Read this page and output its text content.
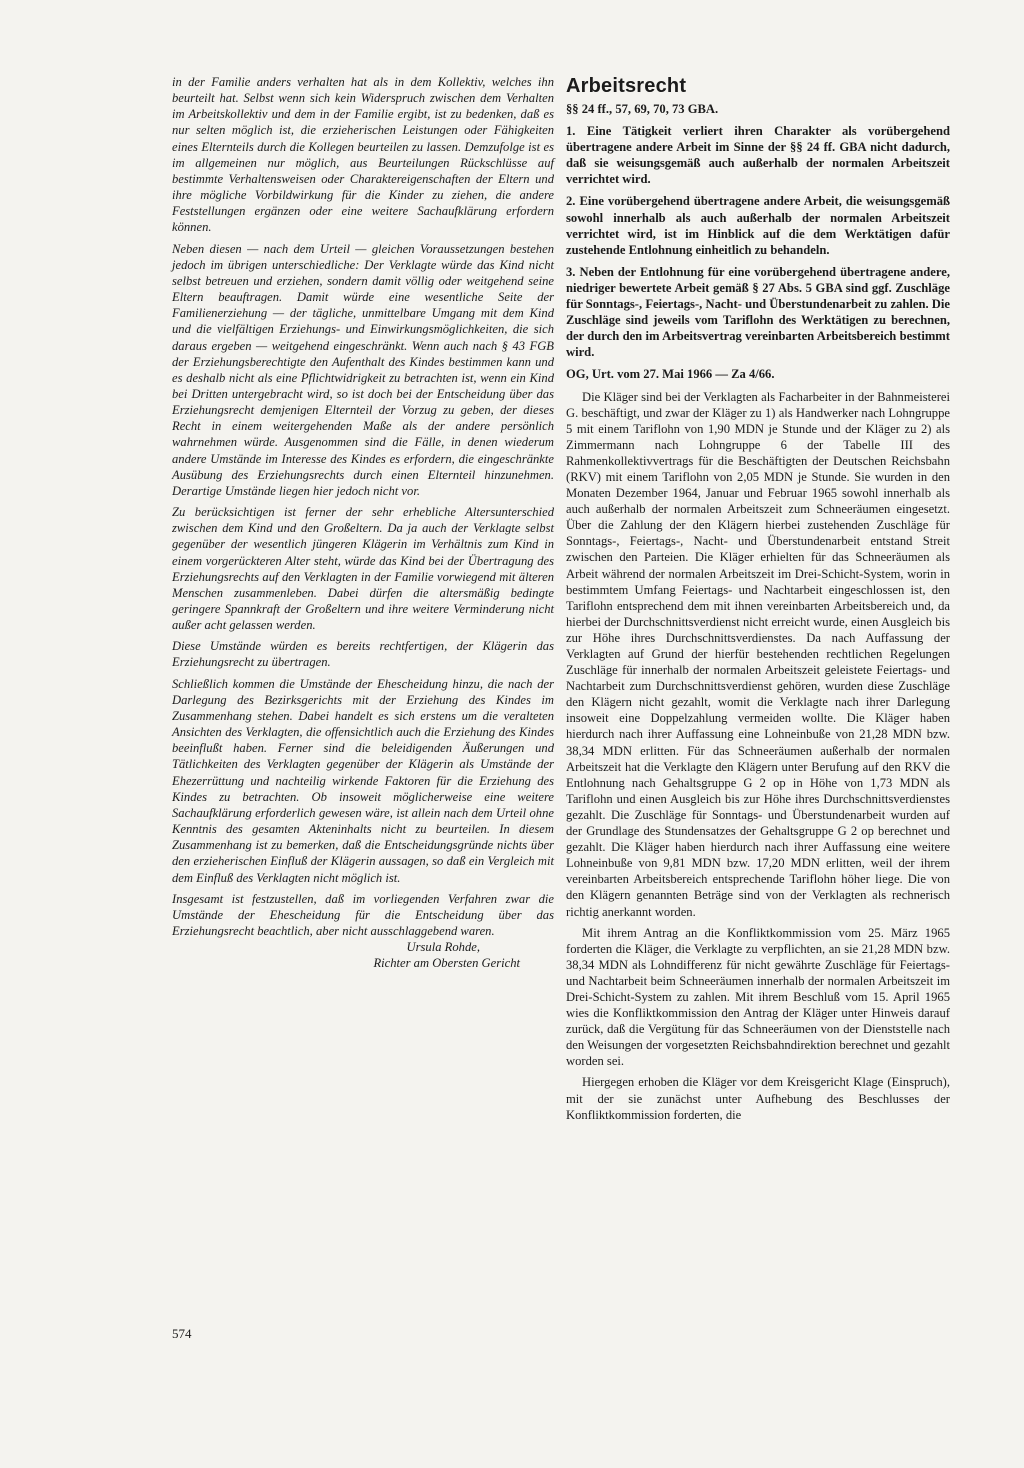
in der Familie anders verhalten hat als in dem Kollektiv, welches ihn beurteilt hat. Selbst wenn sich kein Widerspruch zwischen dem Verhalten im Arbeitskollektiv und dem in der Familie ergibt, ist zu bedenken, daß es nur selten möglich ist, die erzieherischen Leistungen oder Fähigkeiten eines Elternteils durch die Kollegen beurteilen zu lassen. Demzufolge ist es im allgemeinen nur möglich, aus Beurteilungen Rückschlüsse auf bestimmte Verhaltensweisen oder Charaktereigenschaften der Eltern und ihre mögliche Vorbildwirkung für die Kinder zu ziehen, die andere Feststellungen ergänzen oder eine weitere Sachaufklärung erfordern können.

Neben diesen — nach dem Urteil — gleichen Voraussetzungen bestehen jedoch im übrigen unterschiedliche: Der Verklagte würde das Kind nicht selbst betreuen und erziehen, sondern damit völlig oder weitgehend seine Eltern beauftragen. Damit würde eine wesentliche Seite der Familienerziehung — der tägliche, unmittelbare Umgang mit dem Kind und die vielfältigen Erziehungs- und Einwirkungsmöglichkeiten, die sich daraus ergeben — weitgehend eingeschränkt. Wenn auch nach § 43 FGB der Erziehungsberechtigte den Aufenthalt des Kindes bestimmen kann und es deshalb nicht als eine Pflichtwidrigkeit zu betrachten ist, wenn ein Kind bei Dritten untergebracht wird, so ist doch bei der Entscheidung über das Erziehungsrecht demjenigen Elternteil der Vorzug zu geben, der dieses Recht in einem weitergehenden Maße als der andere persönlich wahrnehmen würde. Ausgenommen sind die Fälle, in denen wiederum andere Umstände im Interesse des Kindes es erfordern, die eingeschränkte Ausübung des Erziehungsrechts durch einen Elternteil hinzunehmen. Derartige Umstände liegen hier jedoch nicht vor.

Zu berücksichtigen ist ferner der sehr erhebliche Altersunterschied zwischen dem Kind und den Großeltern. Da ja auch der Verklagte selbst gegenüber der wesentlich jüngeren Klägerin im Verhältnis zum Kind in einem vorgerückteren Alter steht, würde das Kind bei der Übertragung des Erziehungsrechts auf den Verklagten in der Familie vorwiegend mit älteren Menschen zusammenleben. Dabei dürfen die altersmäßig bedingte geringere Spannkraft der Großeltern und ihre weitere Verminderung nicht außer acht gelassen werden.

Diese Umstände würden es bereits rechtfertigen, der Klägerin das Erziehungsrecht zu übertragen.

Schließlich kommen die Umstände der Ehescheidung hinzu, die nach der Darlegung des Bezirksgerichts mit der Erziehung des Kindes im Zusammenhang stehen. Dabei handelt es sich erstens um die veralteten Ansichten des Verklagten, die offensichtlich auch die Erziehung des Kindes beeinflußt haben. Ferner sind die beleidigenden Äußerungen und Tätlichkeiten des Verklagten gegenüber der Klägerin als Umstände der Ehezerrüttung und nachteilig wirkende Faktoren für die Erziehung des Kindes zu betrachten. Ob insoweit möglicherweise eine weitere Sachaufklärung erforderlich gewesen wäre, ist allein nach dem Urteil ohne Kenntnis des gesamten Akteninhalts nicht zu beurteilen. In diesem Zusammenhang ist zu bemerken, daß die Entscheidungsgründe nichts über den erzieherischen Einfluß der Klägerin aussagen, so daß ein Vergleich mit dem Einfluß des Verklagten nicht möglich ist.

Insgesamt ist festzustellen, daß im vorliegenden Verfahren zwar die Umstände der Ehescheidung für die Entscheidung über das Erziehungsrecht beachtlich, aber nicht ausschlaggebend waren.

Ursula Rohde,
Richter am Obersten Gericht
Arbeitsrecht

§§ 24 ff., 57, 69, 70, 73 GBA.

1. Eine Tätigkeit verliert ihren Charakter als vorübergehend übertragene andere Arbeit im Sinne der §§ 24 ff. GBA nicht dadurch, daß sie weisungsgemäß auch außerhalb der normalen Arbeitszeit verrichtet wird.

2. Eine vorübergehend übertragene andere Arbeit, die weisungsgemäß sowohl innerhalb als auch außerhalb der normalen Arbeitszeit verrichtet wird, ist im Hinblick auf die dem Werktätigen dafür zustehende Entlohnung einheitlich zu behandeln.

3. Neben der Entlohnung für eine vorübergehend übertragene andere, niedriger bewertete Arbeit gemäß § 27 Abs. 5 GBA sind ggf. Zuschläge für Sonntags-, Feiertags-, Nacht- und Überstundenarbeit zu zahlen. Die Zuschläge sind jeweils vom Tariflohn des Werktätigen zu berechnen, der durch den im Arbeitsvertrag vereinbarten Arbeitsbereich bestimmt wird.

OG, Urt. vom 27. Mai 1966 — Za 4/66.

Die Kläger sind bei der Verklagten als Facharbeiter in der Bahnmeisterei G. beschäftigt, und zwar der Kläger zu 1) als Handwerker nach Lohngruppe 5 mit einem Tariflohn von 1,90 MDN je Stunde und der Kläger zu 2) als Zimmermann nach Lohngruppe 6 der Tabelle III des Rahmenkollektivvertrags für die Beschäftigten der Deutschen Reichsbahn (RKV) mit einem Tariflohn von 2,05 MDN je Stunde. Sie wurden in den Monaten Dezember 1964, Januar und Februar 1965 sowohl innerhalb als auch außerhalb der normalen Arbeitszeit zum Schneeräumen eingesetzt. Über die Zahlung der den Klägern hierbei zustehenden Zuschläge für Sonntags-, Feiertags-, Nacht- und Überstundenarbeit entstand Streit zwischen den Parteien. Die Kläger erhielten für das Schneeräumen als Arbeit während der normalen Arbeitszeit im Drei-Schicht-System, worin in bestimmtem Umfang Feiertags- und Nachtarbeit eingeschlossen ist, den Tariflohn entsprechend dem mit ihnen vereinbarten Arbeitsbereich und, da hierbei der Durchschnittsverdienst nicht erreicht wurde, einen Ausgleich bis zur Höhe ihres Durchschnittsverdienstes. Da nach Auffassung der Verklagten auf Grund der hierfür bestehenden rechtlichen Regelungen Zuschläge für innerhalb der normalen Arbeitszeit geleistete Feiertags- und Nachtarbeit zum Durchschnittsverdienst gehören, wurden diese Zuschläge den Klägern nicht gezahlt, womit die Verklagte nach ihrer Darlegung insoweit eine Doppelzahlung vermeiden wollte. Die Kläger haben hierdurch nach ihrer Auffassung eine Lohneinbuße von 21,28 MDN bzw. 38,34 MDN erlitten. Für das Schneeräumen außerhalb der normalen Arbeitszeit hat die Verklagte den Klägern unter Berufung auf den RKV die Entlohnung nach Gehaltsgruppe G 2 op in Höhe von 1,73 MDN als Tariflohn und einen Ausgleich bis zur Höhe ihres Durchschnittsverdienstes gezahlt. Die Zuschläge für Sonntags- und Überstundenarbeit wurden auf der Grundlage des Stundensatzes der Gehaltsgruppe G 2 op berechnet und gezahlt. Die Kläger haben hierdurch nach ihrer Auffassung eine weitere Lohneinbuße von 9,81 MDN bzw. 17,20 MDN erlitten, weil der ihrem vereinbarten Arbeitsbereich entsprechende Tariflohn höher liege. Die von den Klägern genannten Beträge sind von der Verklagten als rechnerisch richtig anerkannt worden.

Mit ihrem Antrag an die Konfliktkommission vom 25. März 1965 forderten die Kläger, die Verklagte zu verpflichten, an sie 21,28 MDN bzw. 38,34 MDN als Lohndifferenz für nicht gewährte Zuschläge für Feiertags- und Nachtarbeit beim Schneeräumen innerhalb der normalen Arbeitszeit im Drei-Schicht-System zu zahlen. Mit ihrem Beschluß vom 15. April 1965 wies die Konfliktkommission den Antrag der Kläger unter Hinweis darauf zurück, daß die Vergütung für das Schneeräumen von der Dienststelle nach den Weisungen der vorgesetzten Reichsbahndirektion berechnet und gezahlt worden sei.

Hiergegen erhoben die Kläger vor dem Kreisgericht Klage (Einspruch), mit der sie zunächst unter Aufhebung des Beschlusses der Konfliktkommission forderten, die

574
